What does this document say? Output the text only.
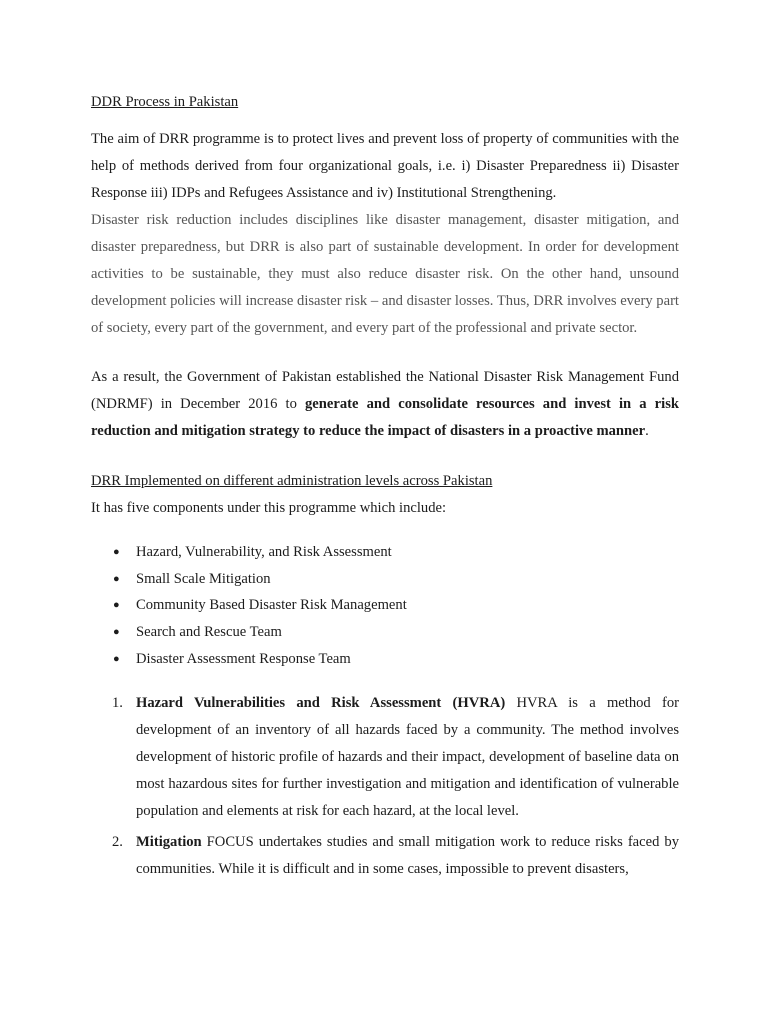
DDR Process in Pakistan

The aim of DRR programme is to protect lives and prevent loss of property of communities with the help of methods derived from four organizational goals, i.e. i) Disaster Preparedness ii) Disaster Response iii) IDPs and Refugees Assistance and iv) Institutional Strengthening.

Disaster risk reduction includes disciplines like disaster management, disaster mitigation, and disaster preparedness, but DRR is also part of sustainable development. In order for development activities to be sustainable, they must also reduce disaster risk. On the other hand, unsound development policies will increase disaster risk – and disaster losses. Thus, DRR involves every part of society, every part of the government, and every part of the professional and private sector.

As a result, the Government of Pakistan established the National Disaster Risk Management Fund (NDRMF) in December 2016 to generate and consolidate resources and invest in a risk reduction and mitigation strategy to reduce the impact of disasters in a proactive manner.

DRR Implemented on different administration levels across Pakistan

It has five components under this programme which include:

● Hazard, Vulnerability, and Risk Assessment
● Small Scale Mitigation
● Community Based Disaster Risk Management
● Search and Rescue Team
● Disaster Assessment Response Team
1. Hazard Vulnerabilities and Risk Assessment (HVRA) HVRA is a method for development of an inventory of all hazards faced by a community. The method involves development of historic profile of hazards and their impact, development of baseline data on most hazardous sites for further investigation and mitigation and identification of vulnerable population and elements at risk for each hazard, at the local level.
2. Mitigation FOCUS undertakes studies and small mitigation work to reduce risks faced by communities. While it is difficult and in some cases, impossible to prevent disasters,
